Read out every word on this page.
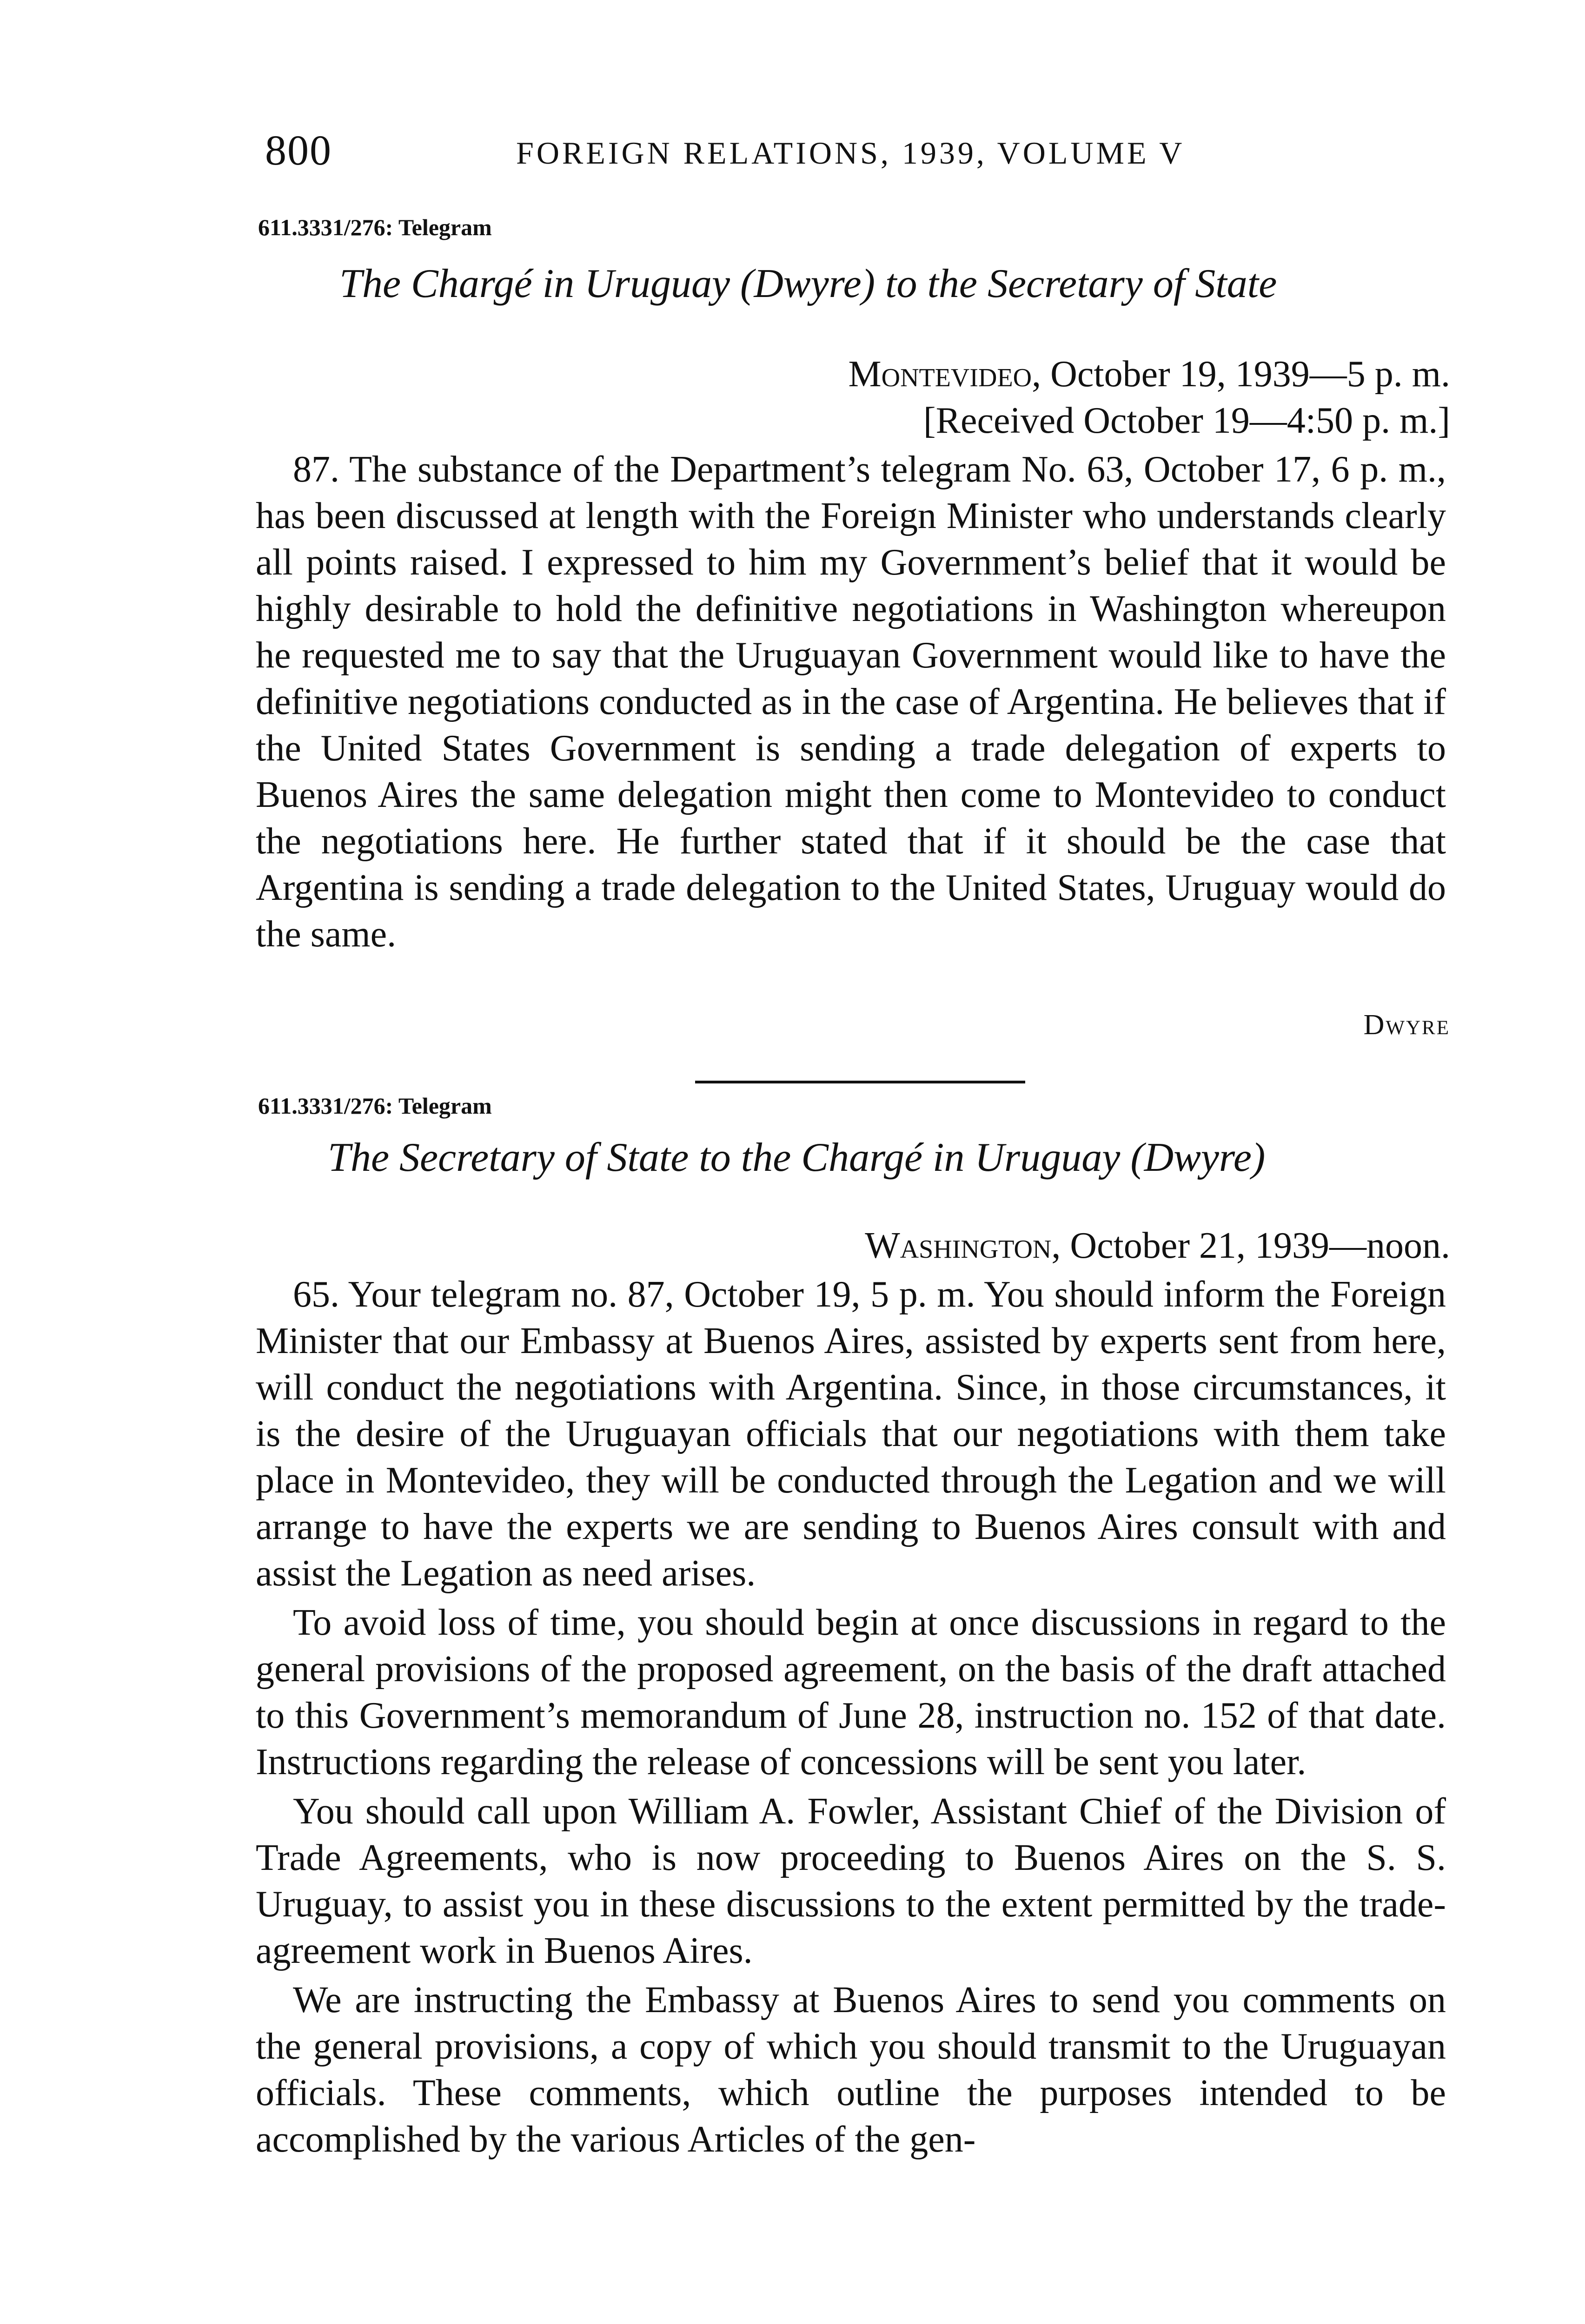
800	FOREIGN RELATIONS, 1939, VOLUME V
611.3331/276: Telegram
The Chargé in Uruguay (Dwyre) to the Secretary of State
Montevideo, October 19, 1939—5 p. m.
[Received October 19—4:50 p. m.]

87. The substance of the Department’s telegram No. 63, October 17, 6 p. m., has been discussed at length with the Foreign Minister who understands clearly all points raised. I expressed to him my Government’s belief that it would be highly desirable to hold the definitive negotiations in Washington whereupon he requested me to say that the Uruguayan Government would like to have the definitive negotiations conducted as in the case of Argentina. He believes that if the United States Government is sending a trade delegation of experts to Buenos Aires the same delegation might then come to Montevideo to conduct the negotiations here. He further stated that if it should be the case that Argentina is sending a trade delegation to the United States, Uruguay would do the same.

Dwyre
611.3331/276: Telegram
The Secretary of State to the Chargé in Uruguay (Dwyre)
Washington, October 21, 1939—noon.

65. Your telegram no. 87, October 19, 5 p. m. You should inform the Foreign Minister that our Embassy at Buenos Aires, assisted by experts sent from here, will conduct the negotiations with Argentina. Since, in those circumstances, it is the desire of the Uruguayan officials that our negotiations with them take place in Montevideo, they will be conducted through the Legation and we will arrange to have the experts we are sending to Buenos Aires consult with and assist the Legation as need arises.

To avoid loss of time, you should begin at once discussions in regard to the general provisions of the proposed agreement, on the basis of the draft attached to this Government’s memorandum of June 28, instruction no. 152 of that date. Instructions regarding the release of concessions will be sent you later.

You should call upon William A. Fowler, Assistant Chief of the Division of Trade Agreements, who is now proceeding to Buenos Aires on the S. S. Uruguay, to assist you in these discussions to the extent permitted by the trade-agreement work in Buenos Aires.

We are instructing the Embassy at Buenos Aires to send you comments on the general provisions, a copy of which you should transmit to the Uruguayan officials. These comments, which outline the purposes intended to be accomplished by the various Articles of the gen-
